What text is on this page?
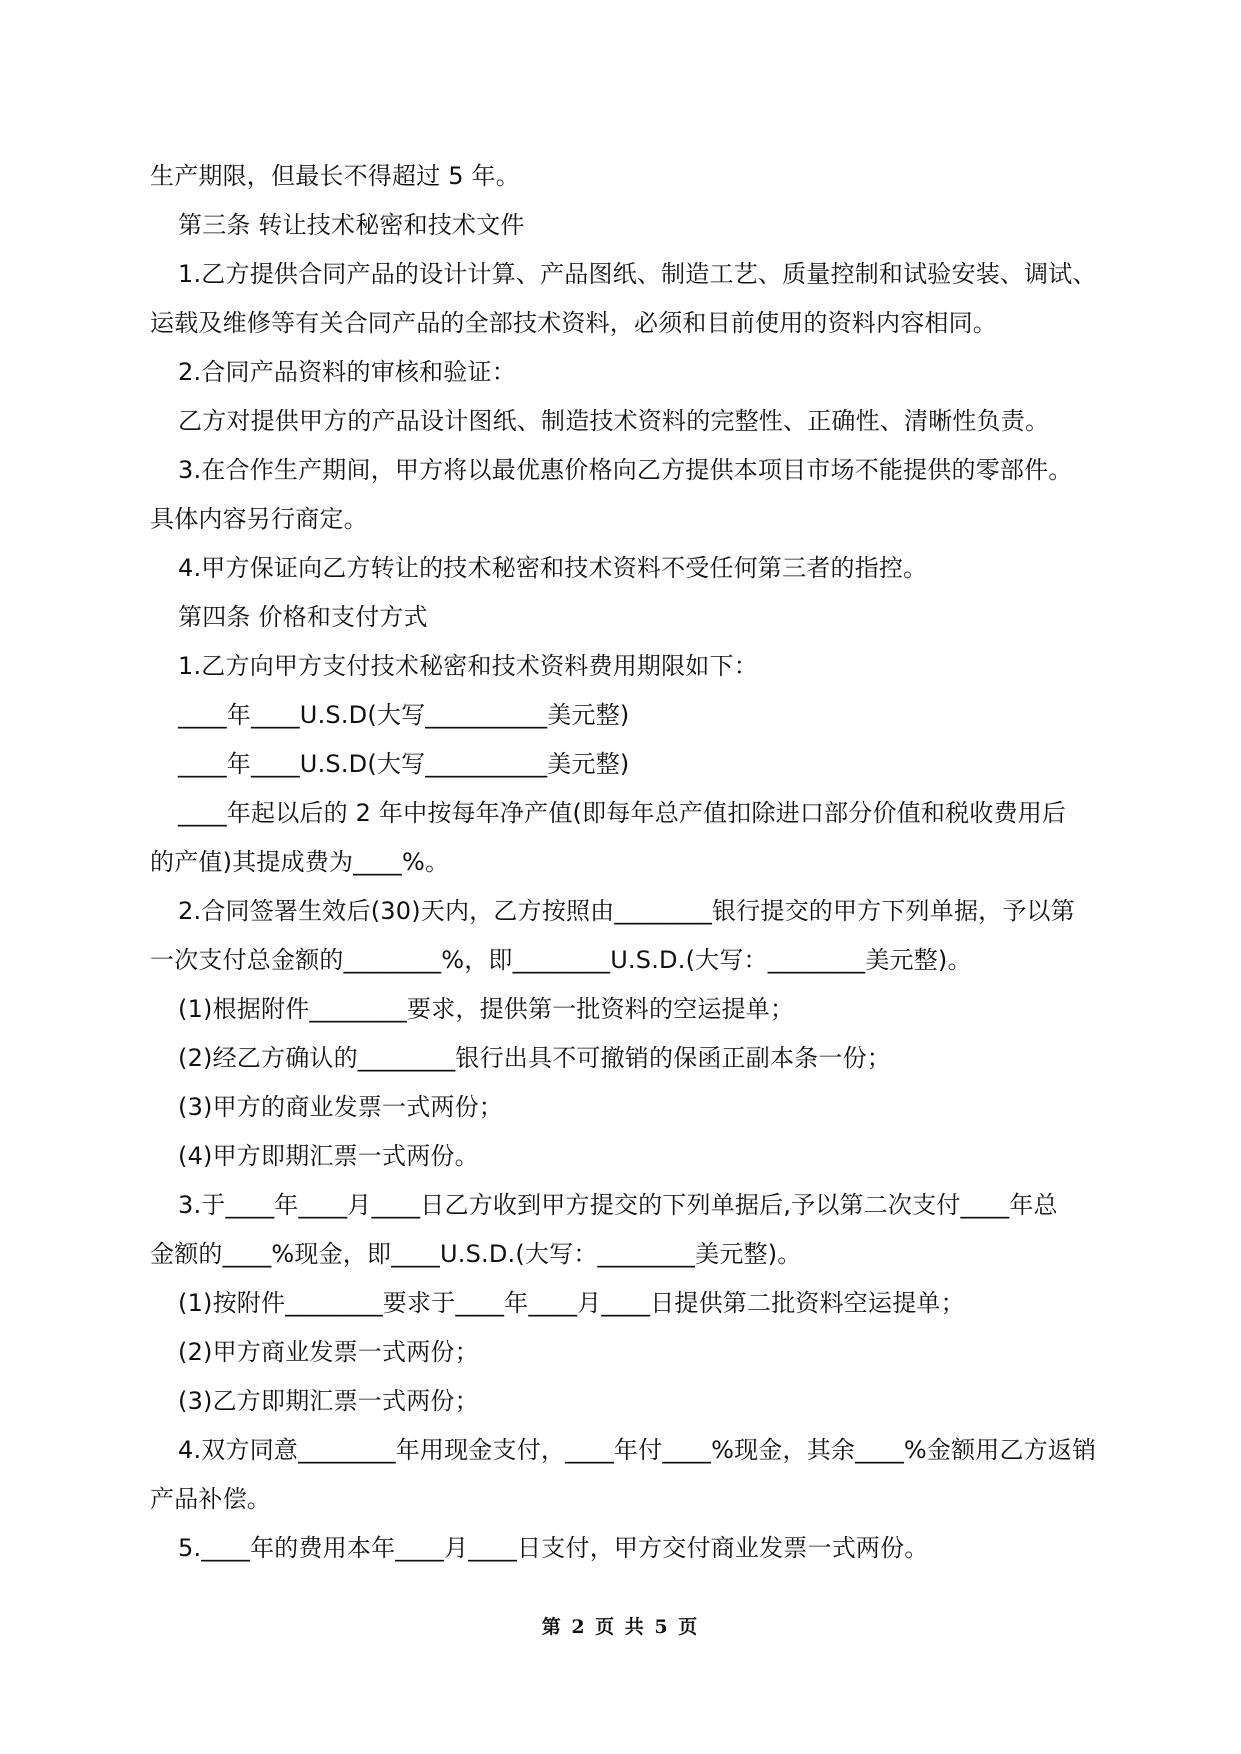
生产期限，但最长不得超过 5 年。
第三条 转让技术秘密和技术文件
1.乙方提供合同产品的设计计算、产品图纸、制造工艺、质量控制和试验安装、调试、
运载及维修等有关合同产品的全部技术资料，必须和目前使用的资料内容相同。
2.合同产品资料的审核和验证：
乙方对提供甲方的产品设计图纸、制造技术资料的完整性、正确性、清晰性负责。
3.在合作生产期间，甲方将以最优惠价格向乙方提供本项目市场不能提供的零部件。
具体内容另行商定。
4.甲方保证向乙方转让的技术秘密和技术资料不受任何第三者的指控。
第四条 价格和支付方式
1.乙方向甲方支付技术秘密和技术资料费用期限如下：
____年____U.S.D(大写__________美元整)
____年____U.S.D(大写__________美元整)
____年起以后的 2 年中按每年净产值(即每年总产值扣除进口部分价值和税收费用后
的产值)其提成费为____%。
2.合同签署生效后(30)天内，乙方按照由________银行提交的甲方下列单据，予以第
一次支付总金额的________%，即________U.S.D.(大写：________美元整)。
(1)根据附件________要求，提供第一批资料的空运提单；
(2)经乙方确认的________银行出具不可撤销的保函正副本条一份；
(3)甲方的商业发票一式两份；
(4)甲方即期汇票一式两份。
3.于____年____月____日乙方收到甲方提交的下列单据后,予以第二次支付____年总
金额的____%现金，即____U.S.D.(大写：________美元整)。
(1)按附件________要求于____年____月____日提供第二批资料空运提单；
(2)甲方商业发票一式两份；
(3)乙方即期汇票一式两份；
4.双方同意________年用现金支付，____年付____%现金，其余____%金额用乙方返销
产品补偿。
5.____年的费用本年____月____日支付，甲方交付商业发票一式两份。
第 2 页 共 5 页
